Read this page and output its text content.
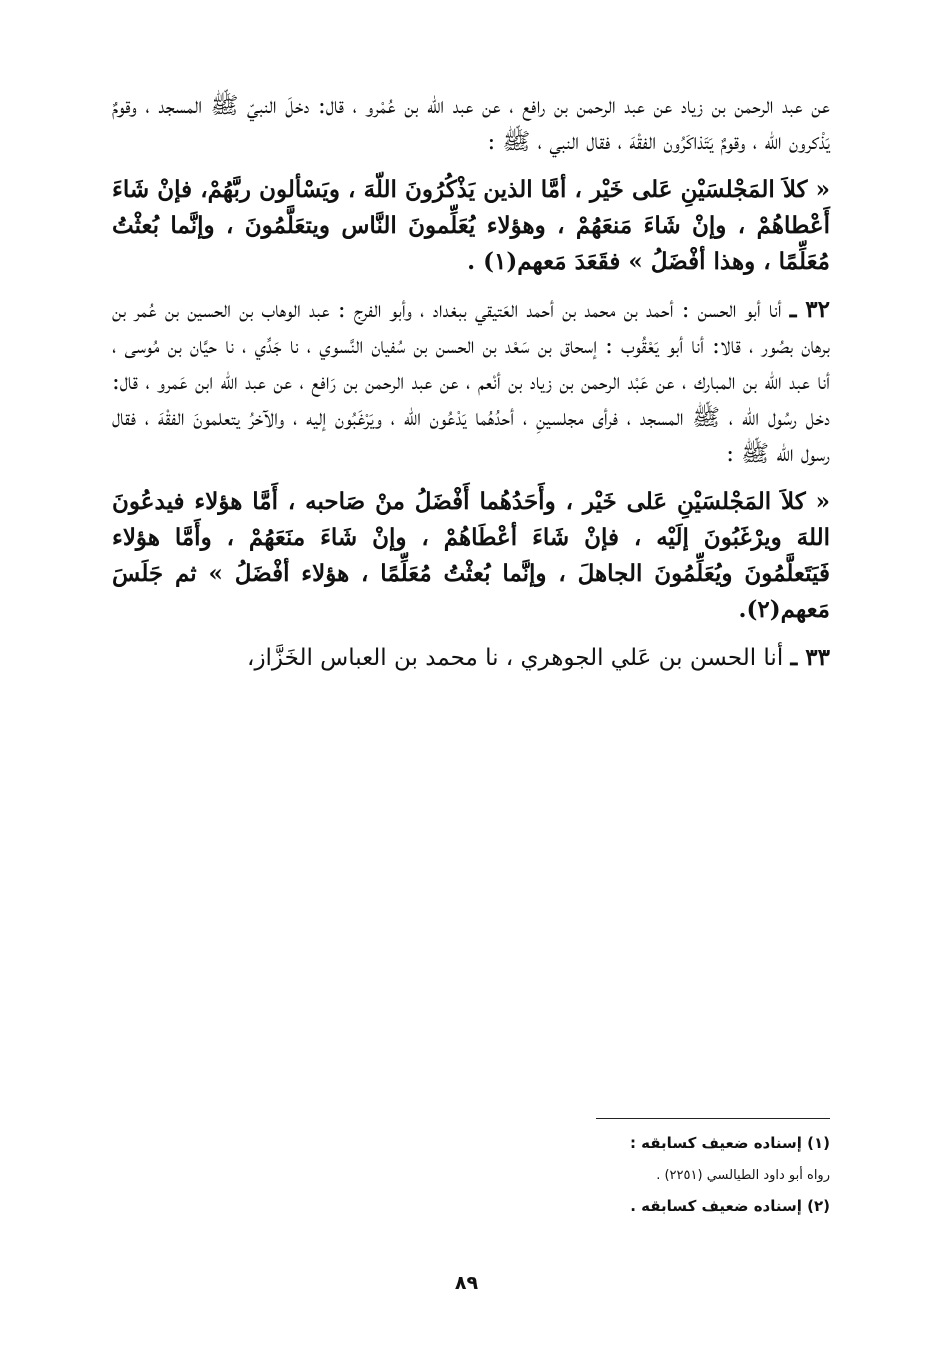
عن عبد الرحمن بن زياد عن عبد الرحمن بن رافع ، عن عبد اللّه بن عُمْرو ، قال: دخلَ النبيّ ﷺ المسجد ، وقومٌ يَذْكرون اللّه ، وقومٌ يَتَذاكَرُون الفقْهَ ، فقال النبي ، ﷺ :

« كلاَ المَجْلسَيْنِ عَلى خَيْر ، أمَّا الذين يَذْكُرُونَ اللّهَ ، ويَسْألون ربَّهُمْ، فإنْ شَاءَ أَعْطاهُمْ ، وإنْ شَاءَ مَنعَهُمْ ، وهؤلاء يُعَلِّمونَ النَّاس ويتعَلَّمُونَ ، وإنَّما بُعثْتُ مُعَلِّمًا ، وهذا أفْضَلُ » فقَعَدَ مَعهم(١) .

٣٢ ـ أنا أبو الحسن : أحمد بن محمد بن أحمد العَتيقي ببغداد ، وأبو الفرج : عبد الوهاب بن الحسين بن عُمر بن برهان بصُور ، قالا: أنا أبو يَعْقُوب : إسحاق بن سَعْد بن الحسن بن سُفيان النَّسوي ، نا جَدِّي ، نا حيَّان بن مُوسى ، أنا عبد اللّه بن المبارك ، عن عَبْد الرحمن بن زياد بن أنْعم ، عن عبد الرحمن بن رَافع ، عن عبد اللّه ابن عَمرو ، قال: دخل رسُول اللّه ، ﷺ المسجد ، فرأى مجلسينِ ، أحدُهُما يَدْعُون اللّه ، ويَرْغَبُون إليه ، والآخرُ يتعلمونَ الفقْهَ ، فقال رسول اللّه ﷺ :

« كلاَ المَجْلسَيْنِ عَلى خَيْر ، وأَحَدُهُما أَفْضَلُ منْ صَاحبه ، أَمَّا هؤلاء فيدعُونَ اللهَ ويرْغَبُونَ إلَيْه ، فإنْ شَاءَ أعْطَاهُمْ ، وإنْ شَاءَ منَعَهُمْ ، وأَمَّا هؤلاء فَيَتَعلَّمُونَ ويُعَلِّمُونَ الجاهلَ ، وإنَّما بُعثْتُ مُعَلِّمًا ، هؤلاء أفْضَلُ » ثم جَلَسَ مَعهم(٢).

٣٣ ـ أنا الحسن بن عَلي الجوهري ، نا محمد بن العباس الخَزَّاز،

(١) إسناده ضعيف كسابقه :

رواه أبو داود الطيالسي (٢٢٥١) .

(٢) إسناده ضعيف كسابقه .

٨٩
